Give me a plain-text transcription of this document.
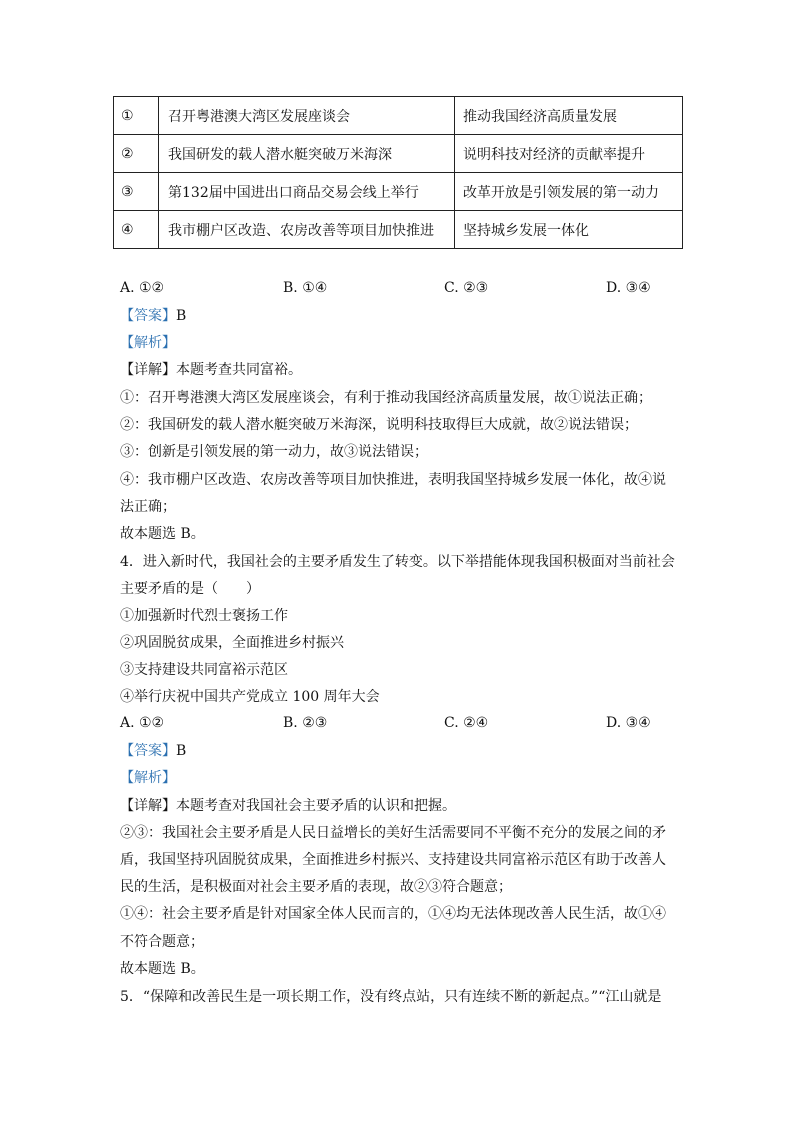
①	召开粤港澳大湾区发展座谈会	推动我国经济高质量发展
②	我国研发的载人潜水艇突破万米海深	说明科技对经济的贡献率提升
③	第132届中国进出口商品交易会线上举行	改革开放是引领发展的第一动力
④	我市棚户区改造、农房改善等项目加快推进	坚持城乡发展一体化
A. ①②	B. ①④	C. ②③	D. ③④
【答案】B
【解析】
【详解】本题考查共同富裕。
①：召开粤港澳大湾区发展座谈会，有利于推动我国经济高质量发展，故①说法正确；
②：我国研发的载人潜水艇突破万米海深，说明科技取得巨大成就，故②说法错误；
③：创新是引领发展的第一动力，故③说法错误；
④：我市棚户区改造、农房改善等项目加快推进，表明我国坚持城乡发展一体化，故④说
法正确；
故本题选 B。
4．进入新时代，我国社会的主要矛盾发生了转变。以下举措能体现我国积极面对当前社会
主要矛盾的是（　　）
①加强新时代烈士褒扬工作
②巩固脱贫成果，全面推进乡村振兴
③支持建设共同富裕示范区
④举行庆祝中国共产党成立 100 周年大会
A. ①②	B. ②③	C. ②④	D. ③④
【答案】B
【解析】
【详解】本题考查对我国社会主要矛盾的认识和把握。
②③：我国社会主要矛盾是人民日益增长的美好生活需要同不平衡不充分的发展之间的矛
盾，我国坚持巩固脱贫成果，全面推进乡村振兴、支持建设共同富裕示范区有助于改善人
民的生活，是积极面对社会主要矛盾的表现，故②③符合题意；
①④：社会主要矛盾是针对国家全体人民而言的，①④均无法体现改善人民生活，故①④
不符合题意；
故本题选 B。
5．“保障和改善民生是一项长期工作，没有终点站，只有连续不断的新起点。”“江山就是
